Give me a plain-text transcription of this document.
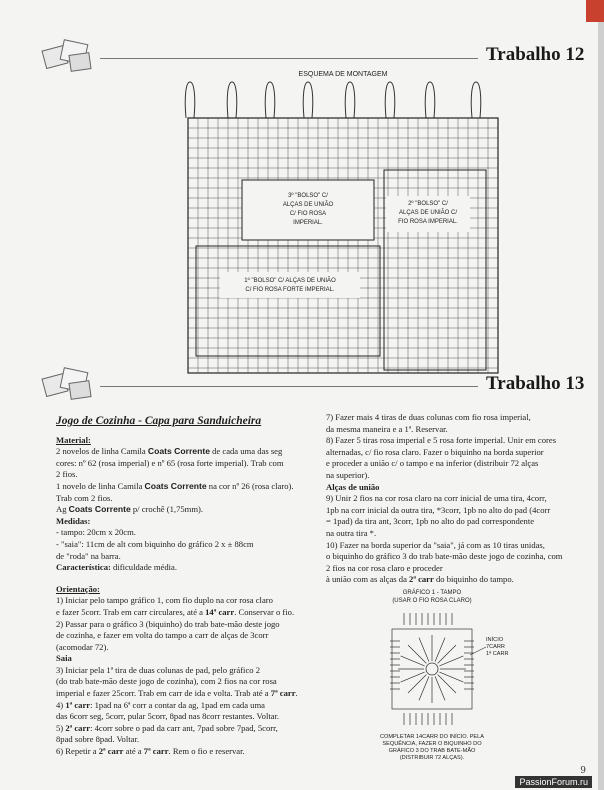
Trabalho 12
ESQUEMA DE MONTAGEM
3º "BOLSO" C/
ALÇAS DE UNIÃO
C/ FIO ROSA
IMPERIAL.
2º "BOLSO" C/
ALÇAS DE UNIÃO C/
FIO ROSA IMPERIAL.
1º "BOLSO" C/ ALÇAS DE UNIÃO
C/ FIO ROSA FORTE IMPERIAL.
Trabalho 13

Jogo de Cozinha - Capa para Sanduicheira

Material:

2 novelos de linha Camila Coats Corrente de cada uma das seg

cores: nº 62 (rosa imperial) e nº 65 (rosa forte imperial). Trab com

2 fios.

1 novelo de linha Camila Coats Corrente na cor nº 26 (rosa claro).

Trab com 2 fios.

Ag Coats Corrente p/ crochê (1,75mm).

Medidas:

- tampo: 20cm x 20cm.

- "saia": 11cm de alt com biquinho do gráfico 2 x ± 88cm

de "roda" na barra.

Característica: dificuldade média.

Orientação:

1) Iniciar pelo tampo gráfico 1, com fio duplo na cor rosa claro

e fazer 5corr. Trab em carr circulares, até a 14ª carr. Conservar o fio.

2) Passar para o gráfico 3 (biquinho) do trab bate-mão deste jogo

de cozinha, e fazer em volta do tampo a carr de alças de 3corr

(acomodar 72).

Saia

3) Iniciar pela 1ª tira de duas colunas de pad, pelo gráfico 2

(do trab bate-mão deste jogo de cozinha), com 2 fios na cor rosa

imperial e fazer 25corr. Trab em carr de ida e volta. Trab até a 7ª carr.

4) 1ª carr: 1pad na 6ª corr a contar da ag, 1pad em cada uma

das 6corr seg, 5corr, pular 5corr, 8pad nas 8corr restantes. Voltar.

5) 2ª carr: 4corr sobre o pad da carr ant, 7pad sobre 7pad, 5corr,

8pad sobre 8pad. Voltar.

6) Repetir a 2ª carr até a 7ª carr. Rem o fio e reservar.

7) Fazer mais 4 tiras de duas colunas com fio rosa imperial,

da mesma maneira e a 1ª. Reservar.

8) Fazer 5 tiras rosa imperial e 5 rosa forte imperial. Unir em cores

alternadas, c/ fio rosa claro. Fazer o biquinho na borda superior

e proceder a união c/ o tampo e na inferior (distribuir 72 alças

na superior).

Alças de união

9) Unir 2 fios na cor rosa claro na corr inicial de uma tira, 4corr,

1pb na corr inicial da outra tira, *3corr, 1pb no alto do pad (4corr

= 1pad) da tira ant, 3corr, 1pb no alto do pad correspondente

na outra tira *.

10) Fazer na borda superior da "saia", já com as 10 tiras unidas,

o biquinho do gráfico 3 do trab bate-mão deste jogo de cozinha, com

2 fios na cor rosa claro e proceder

à união com as alças da 2ª carr do biquinho do tampo.

GRÁFICO 1 - TAMPO
(USAR O FIO ROSA CLARO)
INÍCIO
7CARR
1ª CARR
COMPLETAR 14CARR DO INÍCIO. PELA
SEQUÊNCIA, FAZER O BIQUINHO DO
GRÁFICO 3 DO TRAB BATE-MÃO
(DISTRIBUIR 72 ALÇAS).
9
PassionForum.ru
